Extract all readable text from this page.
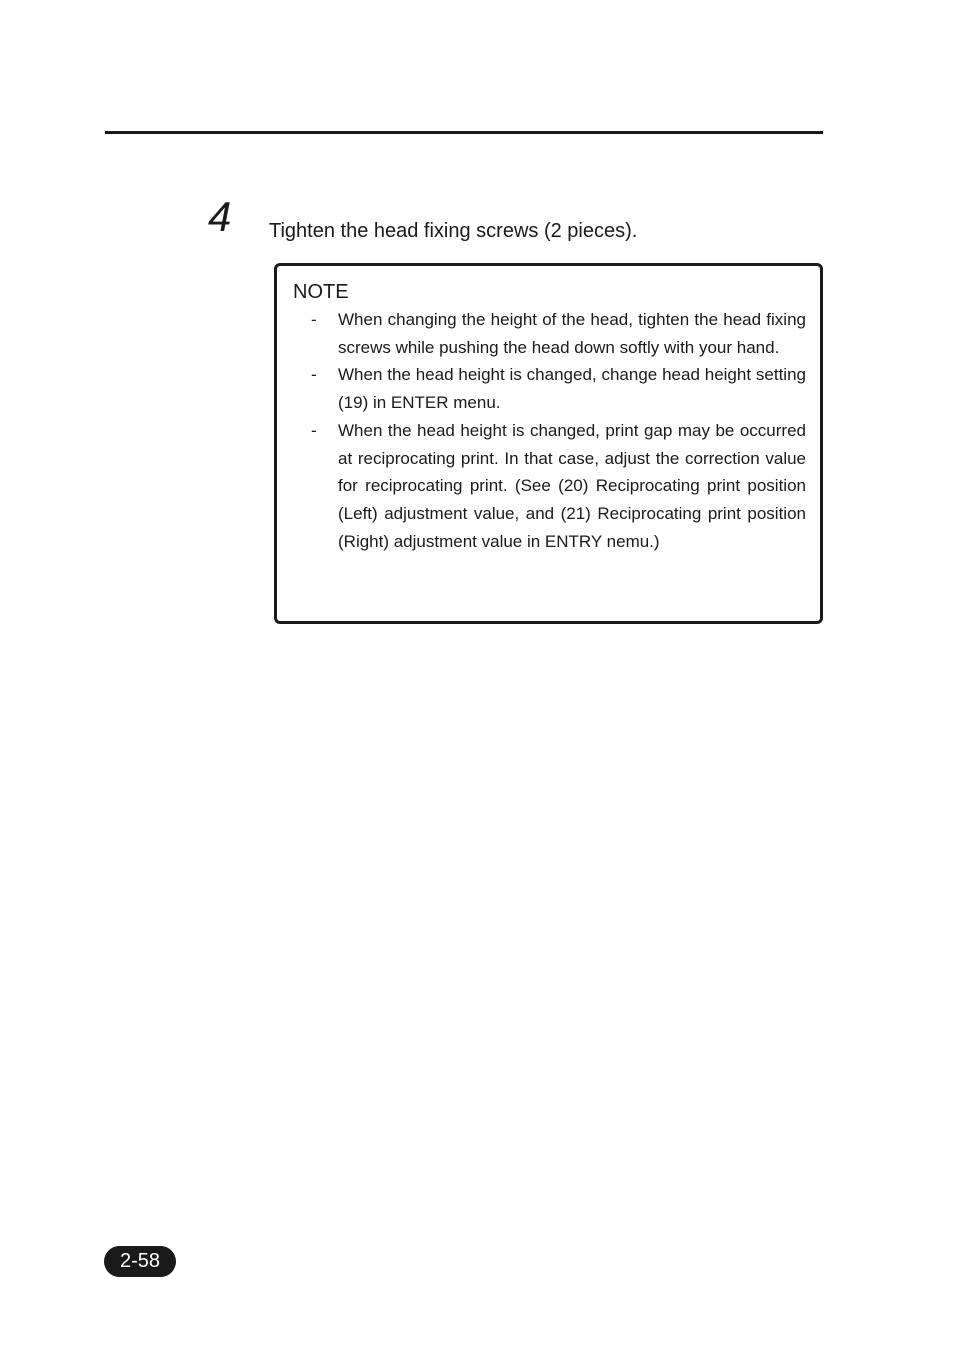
4 Tighten the head fixing screws (2 pieces).
NOTE
- When changing the height of the head, tighten the head fixing screws while pushing the head down softly with your hand.
- When the head height is changed, change head height setting (19) in ENTER menu.
- When the head height is changed, print gap may be occurred at reciprocating print. In that case, adjust the correction value for reciprocating print. (See (20) Reciprocating print position (Left) adjustment value, and (21) Reciprocating print position (Right) adjustment value in ENTRY nemu.)
2-58
